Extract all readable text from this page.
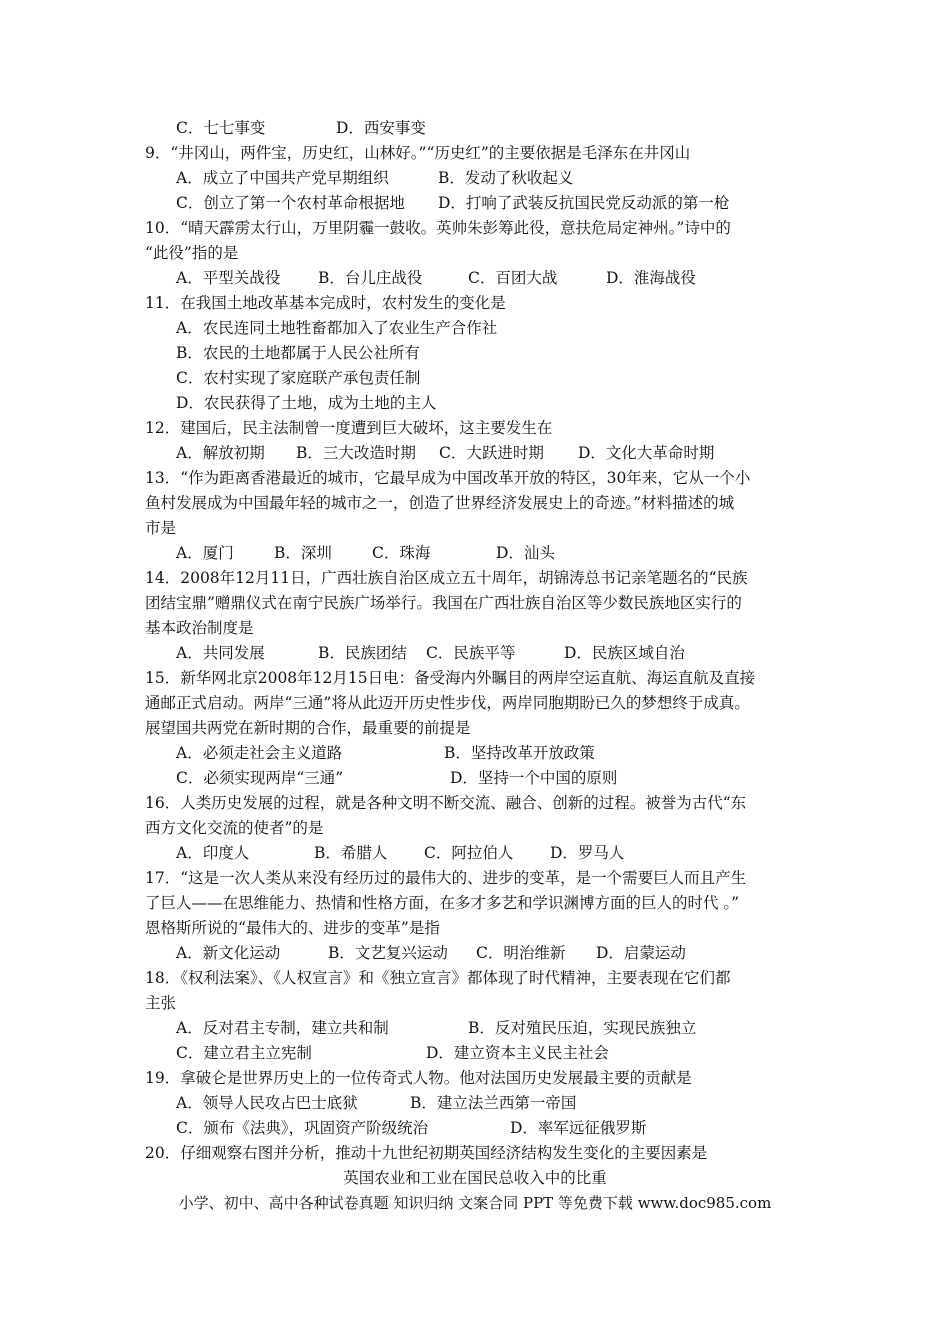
C．七七事变	D．西安事变
9．“井冈山，两件宝，历史红，山林好。”“历史红”的主要依据是毛泽东在井冈山
A．成立了中国共产党早期组织	B．发动了秋收起义
C．创立了第一个农村革命根据地 D．打响了武装反抗国民党反动派的第一枪
10．“晴天霹雳太行山，万里阴霾一鼓收。英帅朱彭筹此役，意扶危局定神州。”诗中的
“此役”指的是
A．平型关战役 B．台儿庄战役	C．百团大战	D．淮海战役
11．在我国土地改革基本完成时，农村发生的变化是
A．农民连同土地牲畜都加入了农业生产合作社
B．农民的土地都属于人民公社所有
C．农村实现了家庭联产承包责任制
D．农民获得了土地，成为土地的主人
12．建国后，民主法制曾一度遭到巨大破坏，这主要发生在
A．解放初期 B．三大改造时期 C．大跃进时期 D．文化大革命时期
13．“作为距离香港最近的城市，它最早成为中国改革开放的特区，30年来，它从一个小
鱼村发展成为中国最年轻的城市之一，创造了世界经济发展史上的奇迹。”材料描述的城
市是
A．厦门	B．深圳	C．珠海	D．汕头
14．2008年12月11日，广西壮族自治区成立五十周年，胡锦涛总书记亲笔题名的“民族
团结宝鼎”赠鼎仪式在南宁民族广场举行。我国在广西壮族自治区等少数民族地区实行的
基本政治制度是
A．共同发展	B．民族团结 C．民族平等	D．民族区域自治
15．新华网北京2008年12月15日电：备受海内外瞩目的两岸空运直航、海运直航及直接
通邮正式启动。两岸“三通”将从此迈开历史性步伐，两岸同胞期盼已久的梦想终于成真。
展望国共两党在新时期的合作，最重要的前提是
A．必须走社会主义道路	B．坚持改革开放政策
C．必须实现两岸“三通”	D．坚持一个中国的原则
16．人类历史发展的过程，就是各种文明不断交流、融合、创新的过程。被誉为古代“东
西方文化交流的使者”的是
A．印度人	B．希腊人 C．阿拉伯人 D．罗马人
17．“这是一次人类从来没有经历过的最伟大的、进步的变革，是一个需要巨人而且产生
了巨人——在思维能力、热情和性格方面，在多才多艺和学识渊博方面的巨人的时代 。”
恩格斯所说的“最伟大的、进步的变革”是指
A．新文化运动	B．文艺复兴运动 C．明治维新 D．启蒙运动
18．《权利法案》、《人权宣言》和《独立宣言》都体现了时代精神，主要表现在它们都
主张
A．反对君主专制，建立共和制	B．反对殖民压迫，实现民族独立
C．建立君主立宪制	D．建立资本主义民主社会
19．拿破仑是世界历史上的一位传奇式人物。他对法国历史发展最主要的贡献是
A．领导人民攻占巴士底狱	B．建立法兰西第一帝国
C．颁布《法典》，巩固资产阶级统治	D．率军远征俄罗斯
20．仔细观察右图并分析，推动十九世纪初期英国经济结构发生变化的主要因素是
英国农业和工业在国民总收入中的比重
小学、初中、高中各种试卷真题 知识归纳 文案合同 PPT 等免费下载 www.doc985.com
